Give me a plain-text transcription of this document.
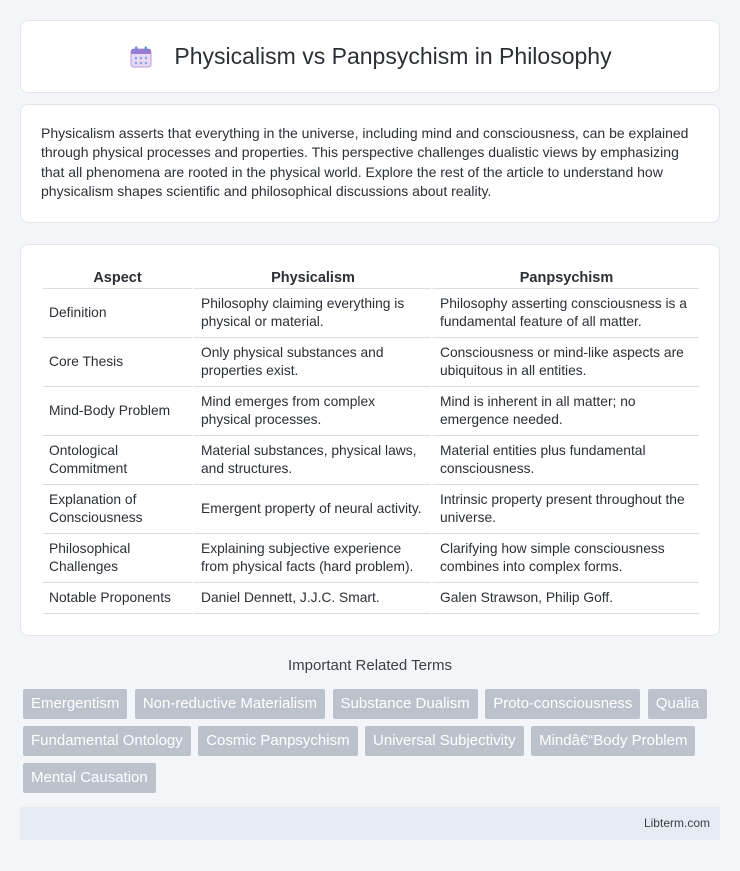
Physicalism vs Panpsychism in Philosophy

Physicalism asserts that everything in the universe, including mind and consciousness, can be explained through physical processes and properties. This perspective challenges dualistic views by emphasizing that all phenomena are rooted in the physical world. Explore the rest of the article to understand how physicalism shapes scientific and philosophical discussions about reality.

Aspect	Physicalism	Panpsychism
Definition	Philosophy claiming everything is physical or material.	Philosophy asserting consciousness is a fundamental feature of all matter.
Core Thesis	Only physical substances and properties exist.	Consciousness or mind-like aspects are ubiquitous in all entities.
Mind-Body Problem	Mind emerges from complex physical processes.	Mind is inherent in all matter; no emergence needed.
Ontological Commitment	Material substances, physical laws, and structures.	Material entities plus fundamental consciousness.
Explanation of Consciousness	Emergent property of neural activity.	Intrinsic property present throughout the universe.
Philosophical Challenges	Explaining subjective experience from physical facts (hard problem).	Clarifying how simple consciousness combines into complex forms.
Notable Proponents	Daniel Dennett, J.J.C. Smart.	Galen Strawson, Philip Goff.
Important Related Terms
Emergentism Non-reductive Materialism Substance Dualism Proto-consciousness Qualia Fundamental Ontology Cosmic Panpsychism Universal Subjectivity Mindâ€“Body Problem Mental Causation
Libterm.com
